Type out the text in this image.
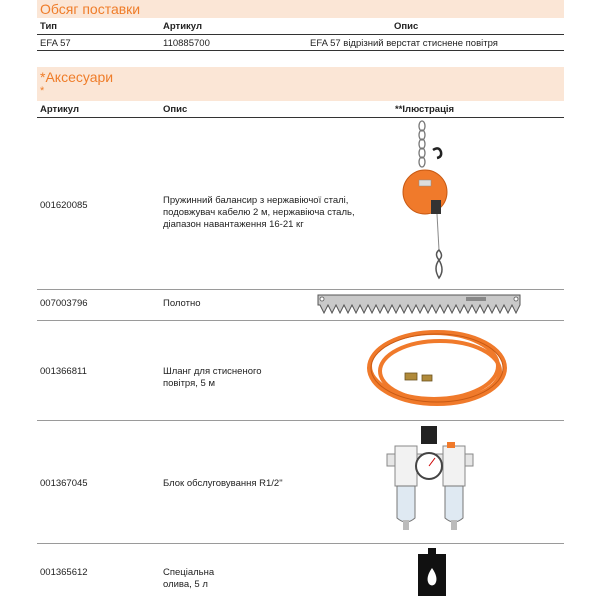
Обсяг поставки
Тип	Артикул	Опис
EFA 57	110885700	EFA 57 відрізний верстат стиснене повітря
*Аксесуари
*
Артикул	Опис	**Ілюстрація
001620085	Пружинний балансир з нержавіючої сталі, подовжувач кабелю 2 м, нержавіюча сталь, діапазон навантаження 16-21 кг
007003796	Полотно
001366811	Шланг для стисненого повітря, 5 м
001367045	Блок обслуговування R1/2"
001365612	Спеціальна олива, 5 л
